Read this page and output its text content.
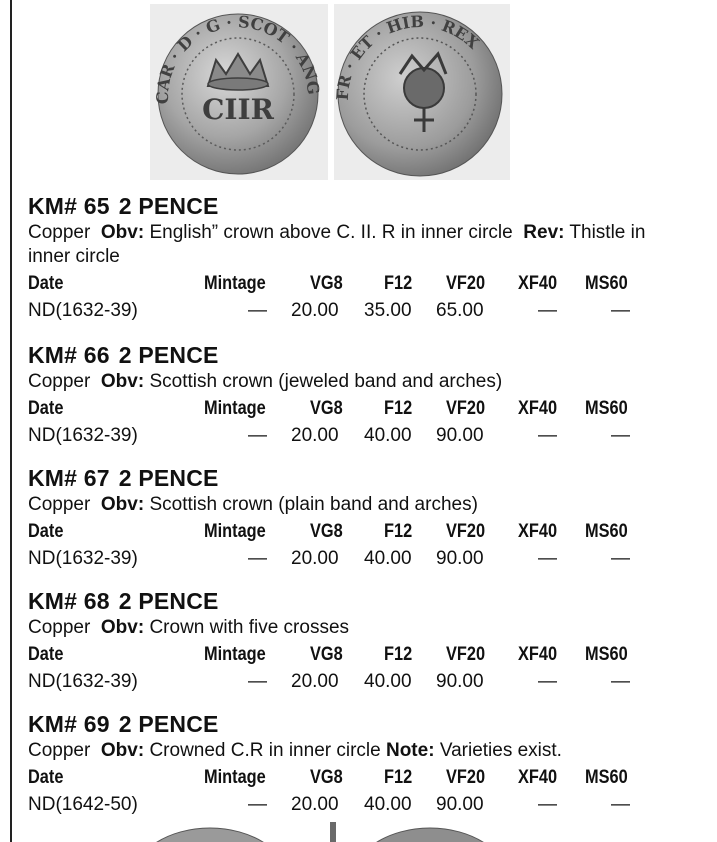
CIIR
CAR · D · G · SCOT · ANG FR · ET · HIB · REX
KM# 65 2 PENCE
Copper Obv: English” crown above C. II. R in inner circle Rev: Thistle in inner circle
Date	Mintage VG8 F12 VF20 XF40 MS60
ND(1632-39)	— 20.00 35.00 65.00	—	—
KM# 66 2 PENCE
Copper Obv: Scottish crown (jeweled band and arches)
Date	Mintage VG8 F12 VF20 XF40 MS60
ND(1632-39)	— 20.00 40.00 90.00	—	—
KM# 67 2 PENCE
Copper Obv: Scottish crown (plain band and arches)
Date	Mintage VG8 F12 VF20 XF40 MS60
ND(1632-39)	— 20.00 40.00 90.00	—	—
KM# 68 2 PENCE
Copper Obv: Crown with five crosses
Date	Mintage VG8 F12 VF20 XF40 MS60
ND(1632-39)	— 20.00 40.00 90.00	—	—
KM# 69 2 PENCE
Copper Obv: Crowned C.R in inner circle Note: Varieties exist.
Date	Mintage VG8 F12 VF20 XF40 MS60
ND(1642-50)	— 20.00 40.00 90.00	—	—
